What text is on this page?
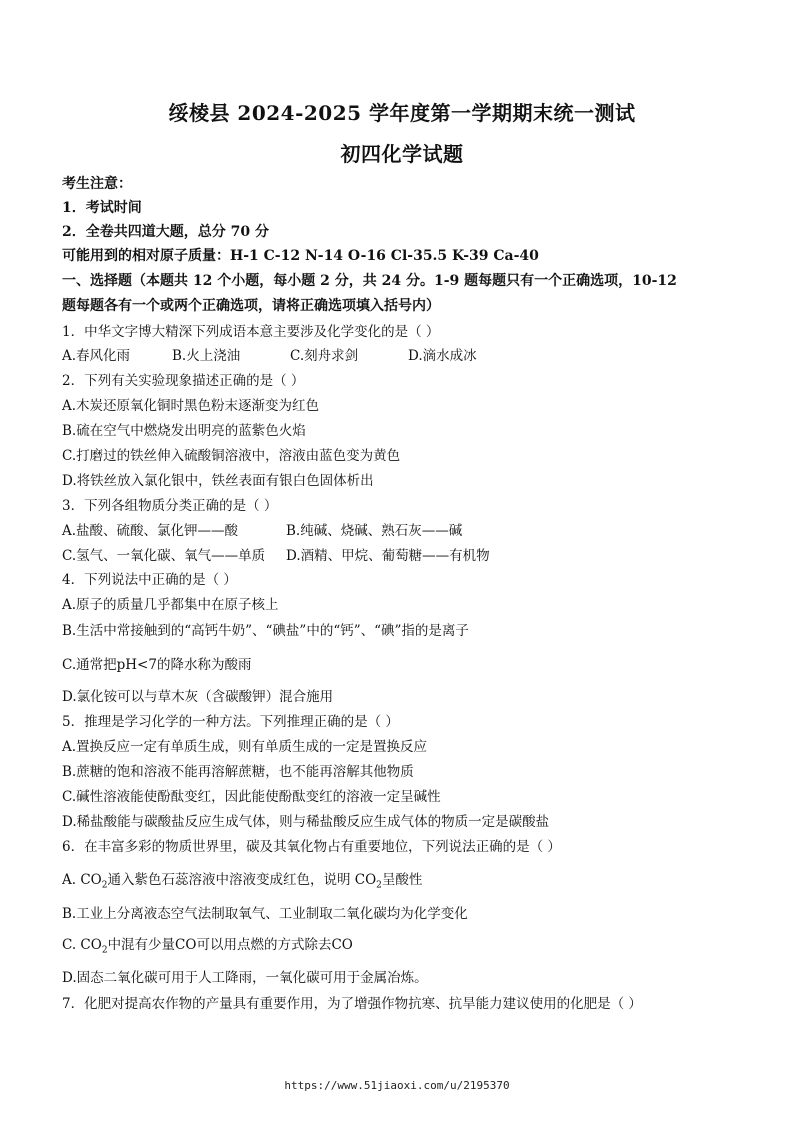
绥棱县 2024-2025 学年度第一学期期末统一测试
初四化学试题
考生注意：
1．考试时间
2．全卷共四道大题，总分 70 分
可能用到的相对原子质量：H-1 C-12 N-14 O-16 Cl-35.5 K-39 Ca-40
一、选择题（本题共 12 个小题，每小题 2 分，共 24 分。1-9 题每题只有一个正确选项，10-12
题每题各有一个或两个正确选项，请将正确选项填入括号内）
1．中华文字博大精深下列成语本意主要涉及化学变化的是（ ）
A.春风化雨	B.火上浇油	C.刻舟求剑	D.滴水成冰
2．下列有关实验现象描述正确的是（ ）
A.木炭还原氧化铜时黑色粉末逐渐变为红色
B.硫在空气中燃烧发出明亮的蓝紫色火焰
C.打磨过的铁丝伸入硫酸铜溶液中，溶液由蓝色变为黄色
D.将铁丝放入氯化银中，铁丝表面有银白色固体析出
3．下列各组物质分类正确的是（ ）
A.盐酸、硫酸、氯化钾——酸	B.纯碱、烧碱、熟石灰——碱
C.氢气、一氧化碳、氧气——单质	D.酒精、甲烷、葡萄糖——有机物
4．下列说法中正确的是（ ）
A.原子的质量几乎都集中在原子核上
B.生活中常接触到的“高钙牛奶”、“碘盐”中的“钙”、“碘”指的是离子
C.通常把pH<7的降水称为酸雨
D.氯化铵可以与草木灰（含碳酸钾）混合施用
5．推理是学习化学的一种方法。下列推理正确的是（ ）
A.置换反应一定有单质生成，则有单质生成的一定是置换反应
B.蔗糖的饱和溶液不能再溶解蔗糖，也不能再溶解其他物质
C.碱性溶液能使酚酞变红，因此能使酚酞变红的溶液一定呈碱性
D.稀盐酸能与碳酸盐反应生成气体，则与稀盐酸反应生成气体的物质一定是碳酸盐
6．在丰富多彩的物质世界里，碳及其氧化物占有重要地位，下列说法正确的是（ ）
A. $CO_2$通入紫色石蕊溶液中溶液变成红色，说明 $CO_2$呈酸性
B.工业上分离液态空气法制取氧气、工业制取二氧化碳均为化学变化
C. $CO_2$中混有少量CO可以用点燃的方式除去CO
D.固态二氧化碳可用于人工降雨，一氧化碳可用于金属冶炼。
7．化肥对提高农作物的产量具有重要作用，为了增强作物抗寒、抗旱能力建议使用的化肥是（ ）
https://www.51jiaoxi.com/u/2195370
